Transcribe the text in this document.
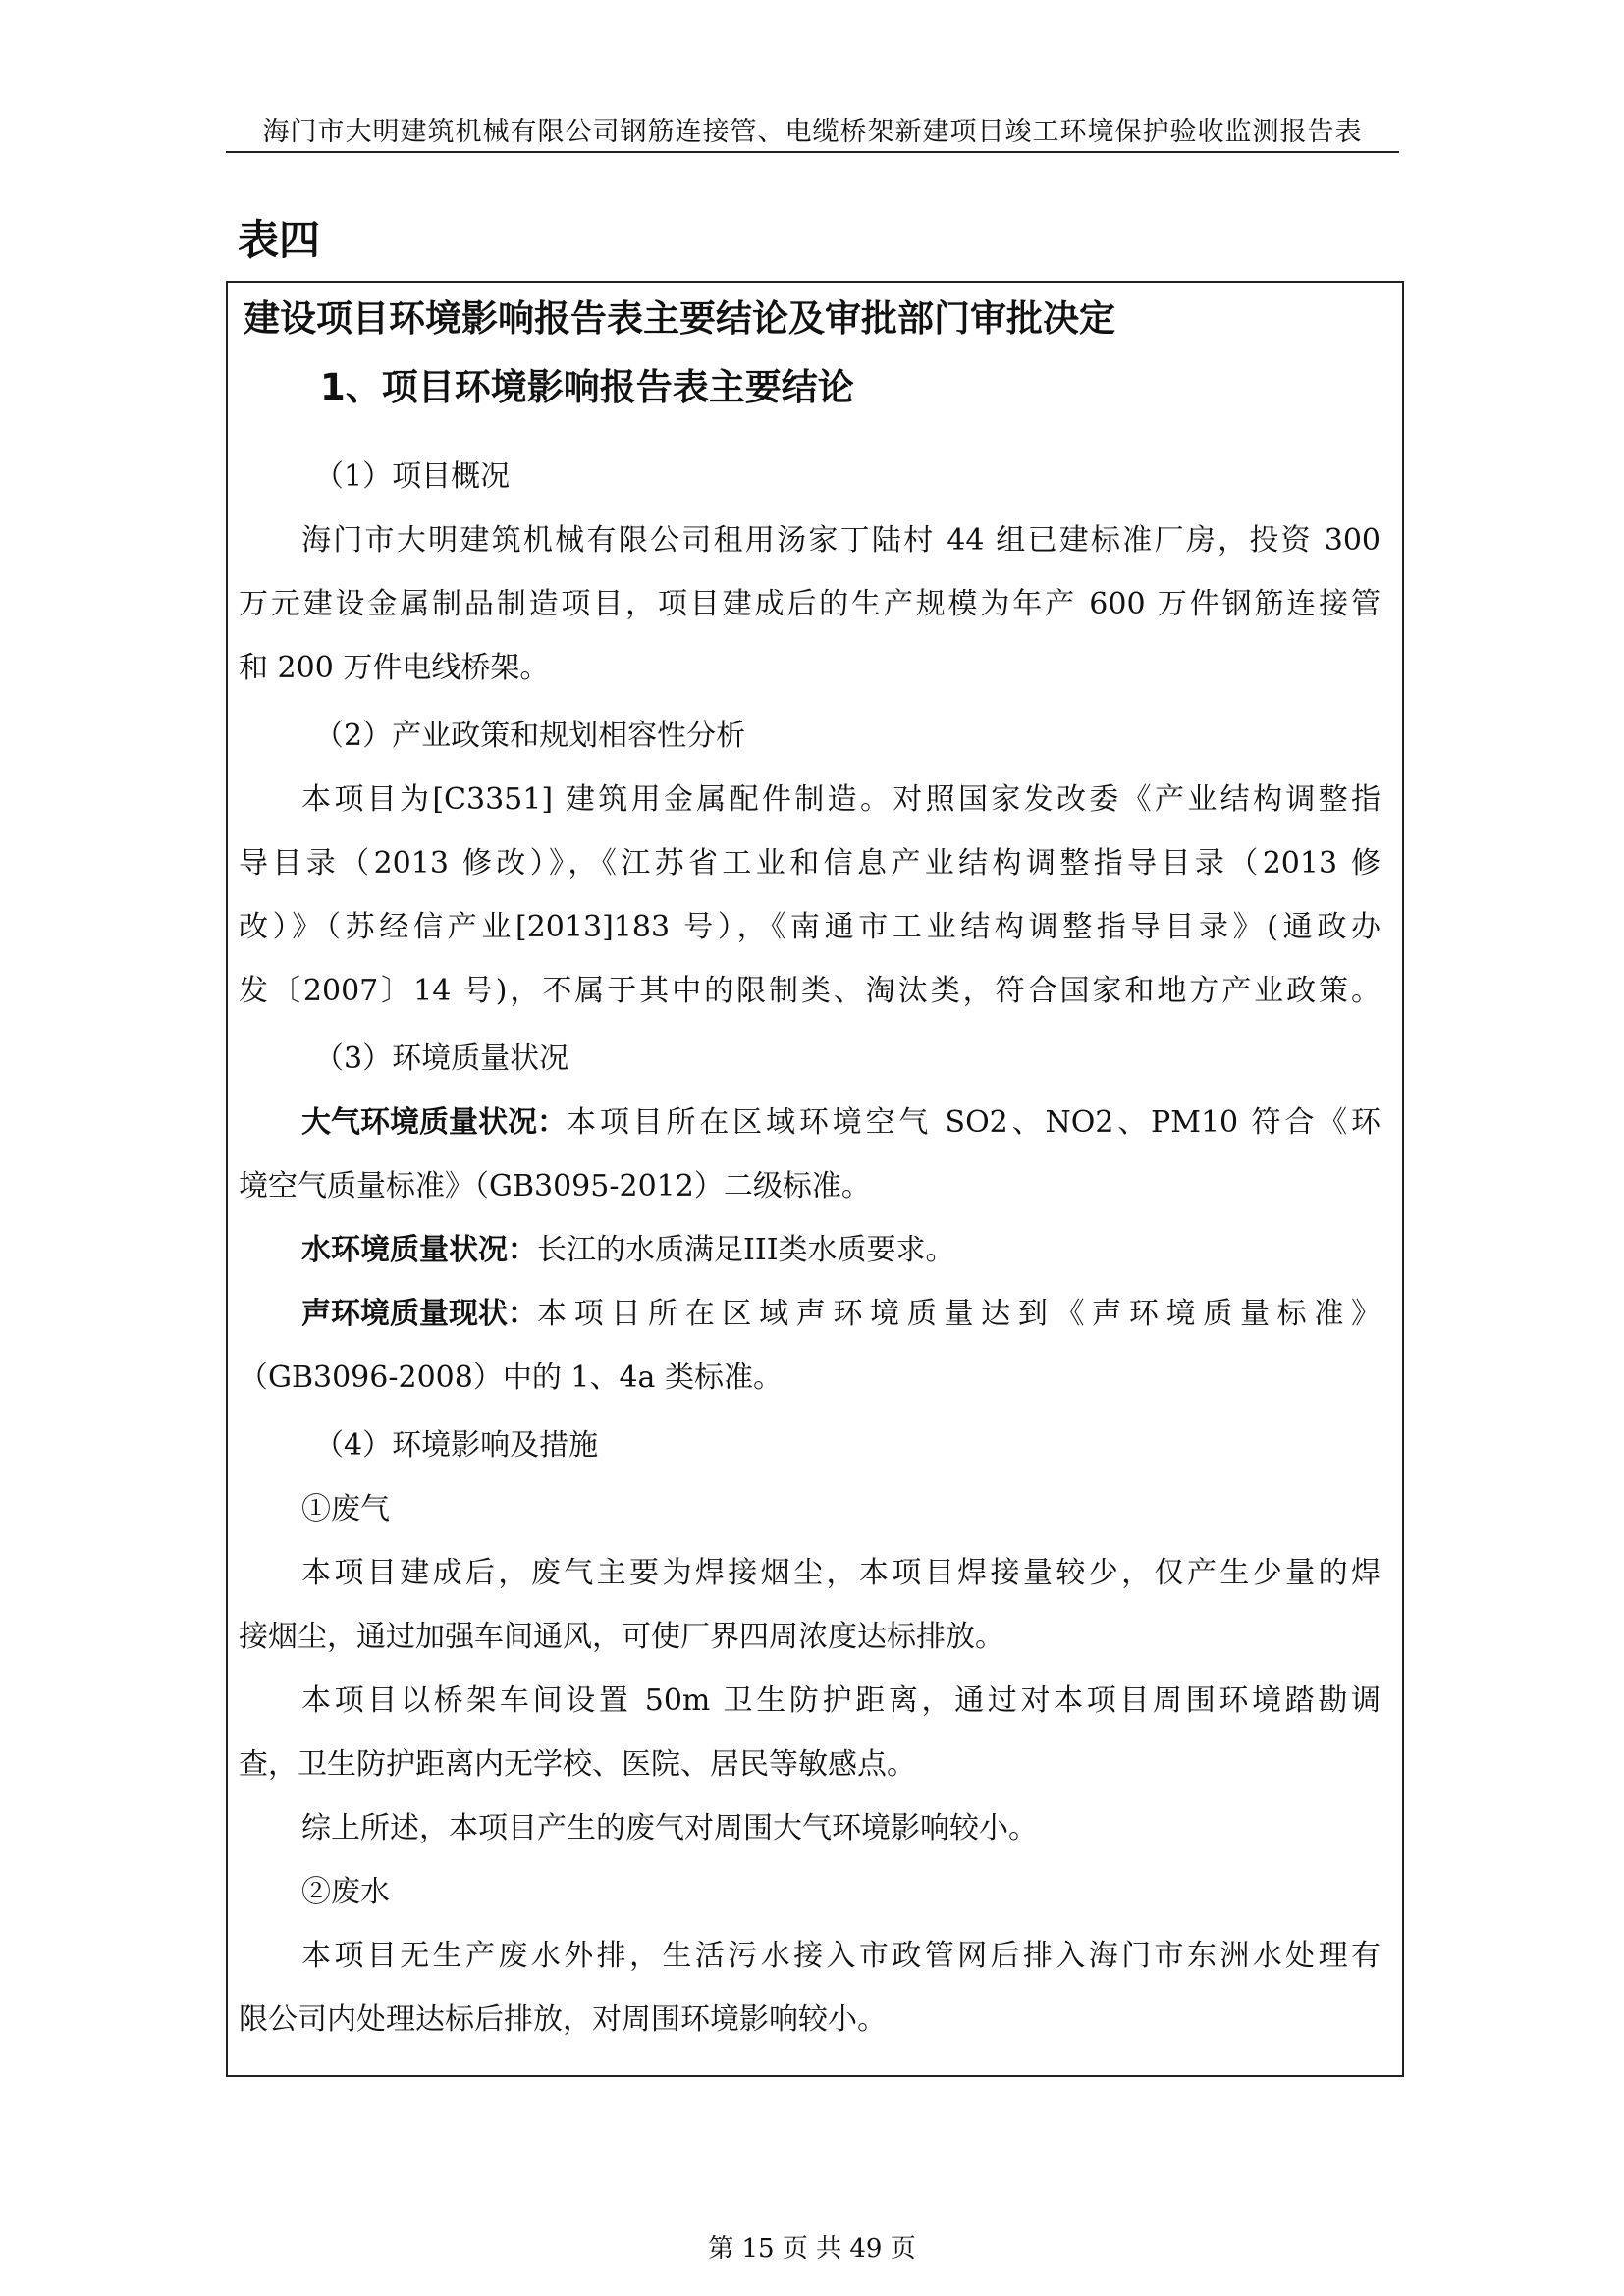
海门市大明建筑机械有限公司钢筋连接管、电缆桥架新建项目竣工环境保护验收监测报告表
表四
建设项目环境影响报告表主要结论及审批部门审批决定
1、项目环境影响报告表主要结论
（1）项目概况
海门市大明建筑机械有限公司租用汤家丁陆村 44 组已建标准厂房，投资 300
万元建设金属制品制造项目，项目建成后的生产规模为年产 600 万件钢筋连接管
和 200 万件电线桥架。
（2）产业政策和规划相容性分析
本项目为[C3351] 建筑用金属配件制造。对照国家发改委《产业结构调整指
导目录（2013 修改）》，《江苏省工业和信息产业结构调整指导目录（2013 修
改）》（苏经信产业[2013]183 号），《南通市工业结构调整指导目录》(通政办
发〔2007〕14 号)，不属于其中的限制类、淘汰类，符合国家和地方产业政策。
（3）环境质量状况
大气环境质量状况： 本项目所在区域环境空气 SO2、NO2、PM10 符合《环
境空气质量标准》（GB3095-2012）二级标准。
水环境质量状况：长江的水质满足III类水质要求。
声环境质量现状： 本项目所在区域声环境质量达到《声环境质量标准》
（GB3096-2008）中的 1、4a 类标准。
（4）环境影响及措施
①废气
本项目建成后，废气主要为焊接烟尘，本项目焊接量较少，仅产生少量的焊
接烟尘，通过加强车间通风，可使厂界四周浓度达标排放。
本项目以桥架车间设置 50m 卫生防护距离，通过对本项目周围环境踏勘调
查，卫生防护距离内无学校、医院、居民等敏感点。
综上所述，本项目产生的废气对周围大气环境影响较小。
②废水
本项目无生产废水外排，生活污水接入市政管网后排入海门市东洲水处理有
限公司内处理达标后排放，对周围环境影响较小。
第 15 页 共 49 页
